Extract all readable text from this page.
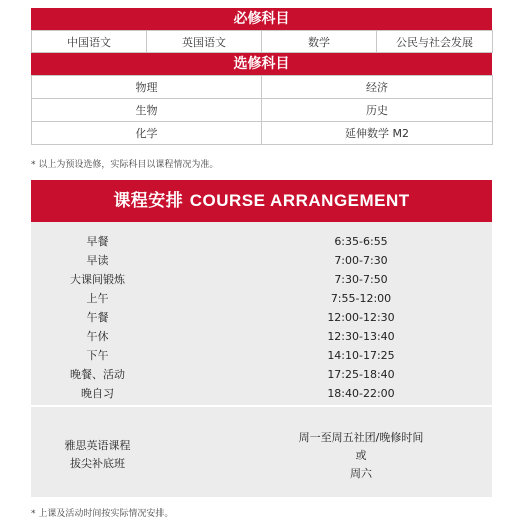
必修科目
中国语文	英国语文	数学	公民与社会发展
选修科目
物理	经济
生物	历史
化学	延伸数学 M2
* 以上为预设选修，实际科目以课程情况为准。
课程安排 COURSE ARRANGEMENT
早餐	6:35-6:55
早读	7:00-7:30
大课间锻炼	7:30-7:50
上午	7:55-12:00
午餐	12:00-12:30
午休	12:30-13:40
下午	14:10-17:25
晚餐、活动	17:25-18:40
晚自习	18:40-22:00
雅思英语课程
拔尖补底班
周一至周五社团/晚修时间
或
周六
* 上课及活动时间按实际情况安排。
